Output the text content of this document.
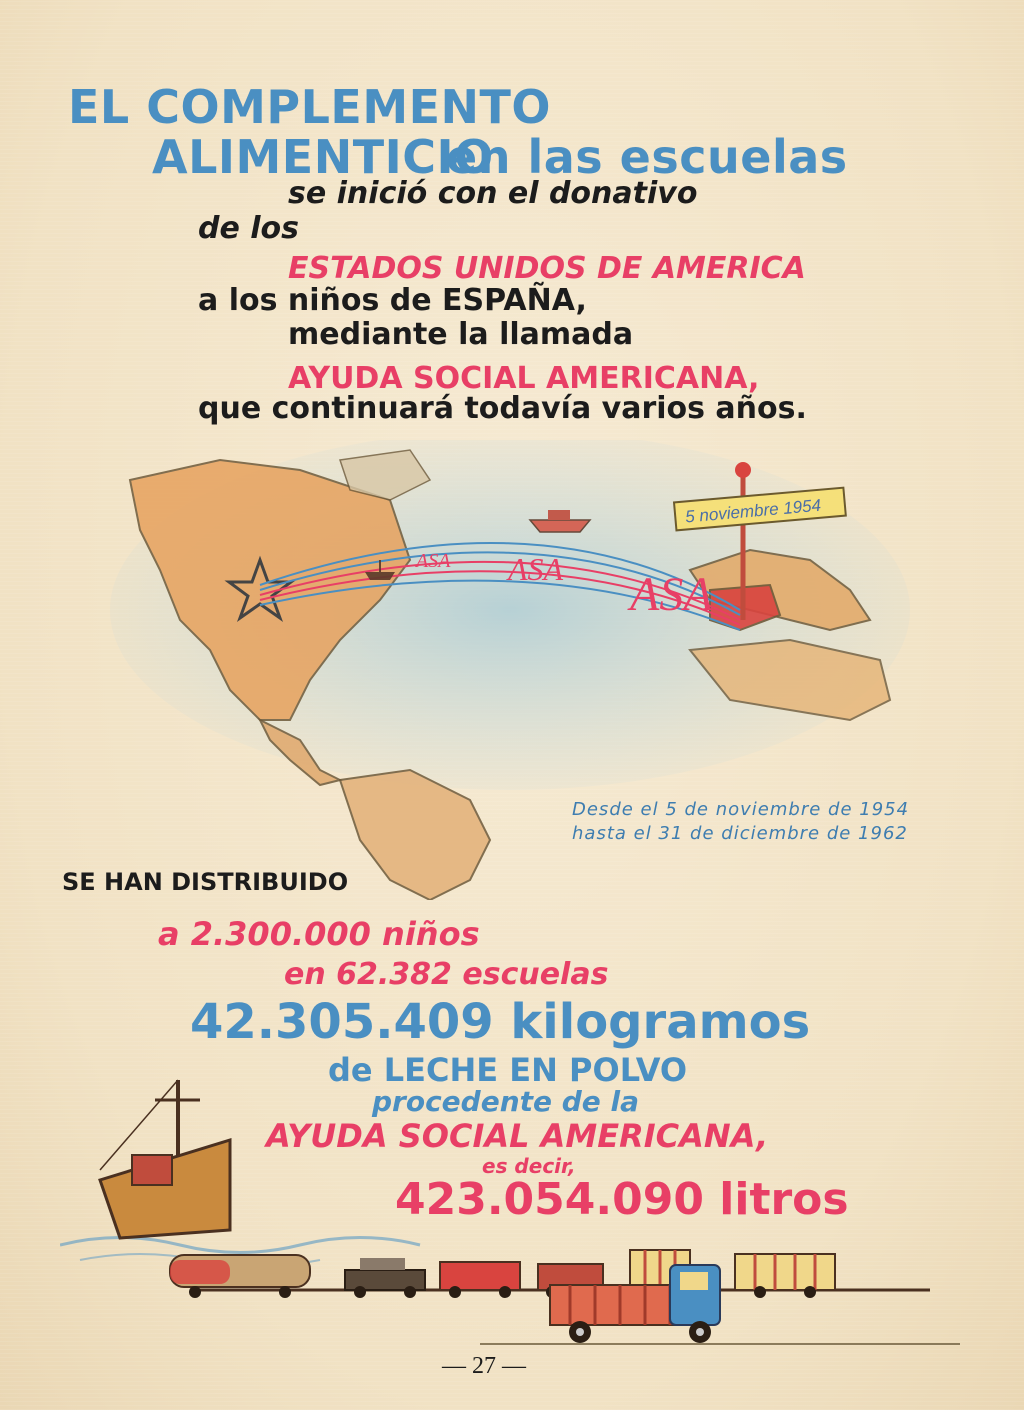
EL COMPLEMENTO
ALIMENTICIO
en las escuelas
se inició con el donativo
de los
ESTADOS UNIDOS DE AMERICA
a los niños de ESPAÑA,
mediante la llamada
AYUDA SOCIAL AMERICANA,
que continuará todavía varios años.
ASA ASA ASA
5 noviembre 1954
Desde el 5 de noviembre de 1954
hasta el 31 de diciembre de 1962
SE HAN DISTRIBUIDO
a 2.300.000 niños
en 62.382 escuelas
42.305.409 kilogramos
de LECHE EN POLVO
procedente de la
AYUDA SOCIAL AMERICANA,
es decir,
423.054.090 litros
— 27 —
